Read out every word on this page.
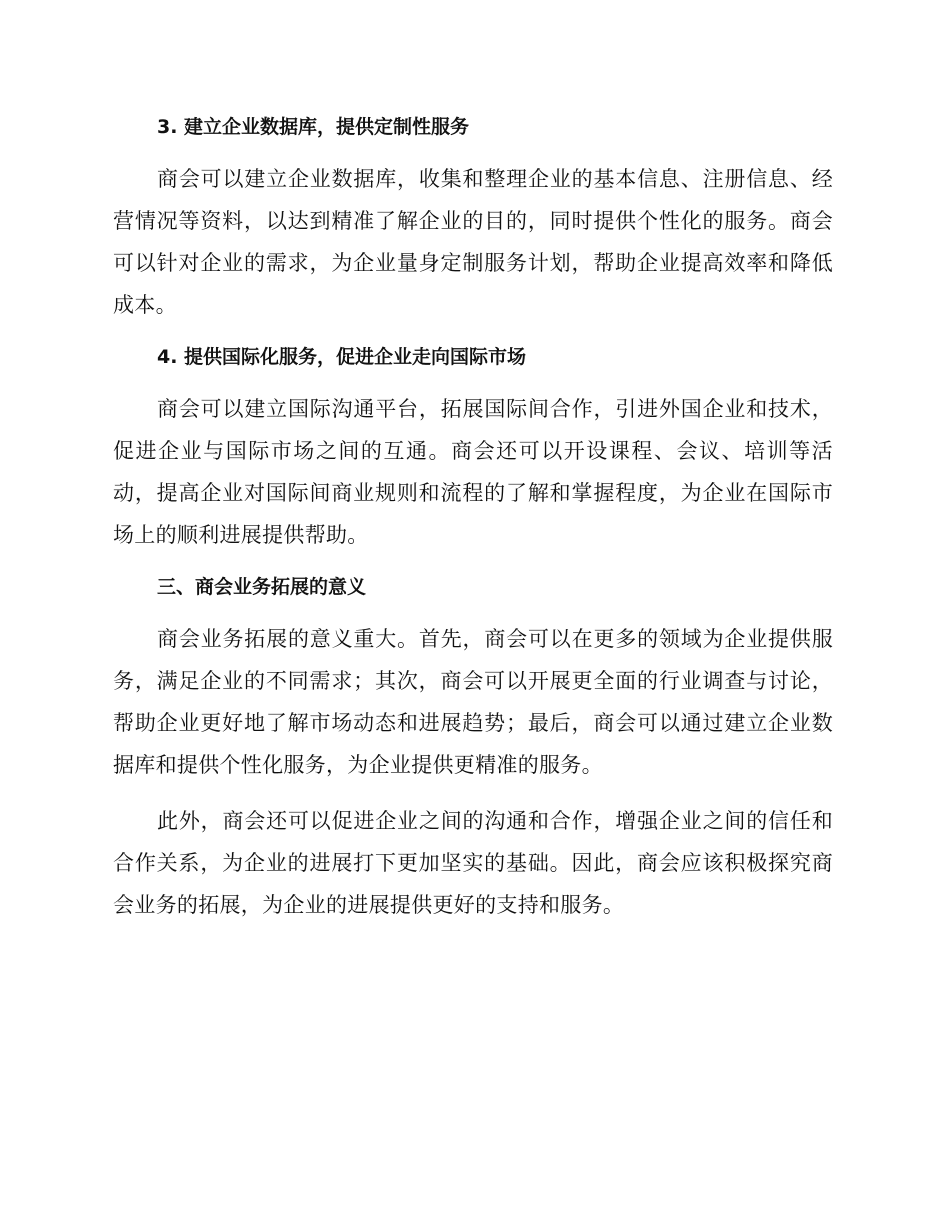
3. 建立企业数据库，提供定制性服务

商会可以建立企业数据库，收集和整理企业的基本信息、注册信息、经营情况等资料，以达到精准了解企业的目的，同时提供个性化的服务。商会可以针对企业的需求，为企业量身定制服务计划，帮助企业提高效率和降低成本。

4. 提供国际化服务，促进企业走向国际市场

商会可以建立国际沟通平台，拓展国际间合作，引进外国企业和技术，促进企业与国际市场之间的互通。商会还可以开设课程、会议、培训等活动，提高企业对国际间商业规则和流程的了解和掌握程度，为企业在国际市场上的顺利进展提供帮助。

三、商会业务拓展的意义

商会业务拓展的意义重大。首先，商会可以在更多的领域为企业提供服务，满足企业的不同需求；其次，商会可以开展更全面的行业调查与讨论，帮助企业更好地了解市场动态和进展趋势；最后，商会可以通过建立企业数据库和提供个性化服务，为企业提供更精准的服务。

此外，商会还可以促进企业之间的沟通和合作，增强企业之间的信任和合作关系，为企业的进展打下更加坚实的基础。因此，商会应该积极探究商会业务的拓展，为企业的进展提供更好的支持和服务。
